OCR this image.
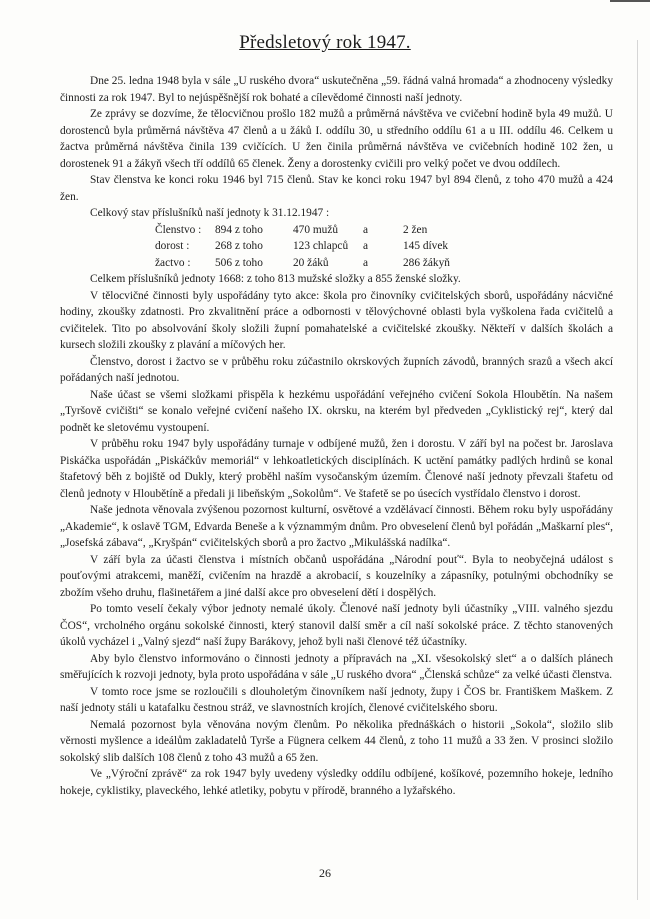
Předsletový rok 1947.

Dne 25. ledna 1948 byla v sále „U ruského dvora“ uskutečněna „59. řádná valná hromada“ a zhodnoceny výsledky činnosti za rok 1947. Byl to nejúspěšnější rok bohaté a cílevědomé činnosti naší jednoty.

Ze zprávy se dozvíme, že tělocvičnou prošlo 182 mužů a průměrná návštěva ve cvičební hodině byla 49 mužů. U dorostenců byla průměrná návštěva 47 členů a u žáků I. oddílu 30, u středního oddílu 61 a u III. oddílu 46. Celkem u žactva průměrná návštěva činila 139 cvičících. U žen činila průměrná návštěva ve cvičebních hodině 102 žen, u dorostenek 91 a žákyň všech tří oddílů 65 členek. Ženy a dorostenky cvičili pro velký počet ve dvou oddílech.

Stav členstva ke konci roku 1946 byl 715 členů. Stav ke konci roku 1947 byl 894 členů, z toho 470 mužů a 424 žen.

Celkový stav příslušníků naší jednoty k 31.12.1947 :

Členstvo :	894 z toho	470 mužů	a	2 žen
dorost :	268 z toho	123 chlapců	a	145 dívek
žactvo :	506 z toho	20 žáků	a	286 žákyň

Celkem příslušníků jednoty 1668: z toho 813 mužské složky a 855 ženské složky.

V tělocvičné činnosti byly uspořádány tyto akce: škola pro činovníky cvičitelských sborů, uspořádány nácvičné hodiny, zkoušky zdatnosti. Pro zkvalitnění práce a odbornosti v tělovýchovné oblasti byla vyškolena řada cvičitelů a cvičitelek. Tito po absolvování školy složili župní pomahatelské a cvičitelské zkoušky. Někteří v dalších školách a kursech složili zkoušky z plavání a míčových her.

Členstvo, dorost i žactvo se v průběhu roku zúčastnilo okrskových župních závodů, branných srazů a všech akcí pořádaných naší jednotou.

Naše účast se všemi složkami přispěla k hezkému uspořádání veřejného cvičení Sokola Hloubětín. Na našem „Tyršově cvičišti“ se konalo veřejné cvičení našeho IX. okrsku, na kterém byl předveden „Cyklistický rej“, který dal podnět ke sletovému vystoupení.

V průběhu roku 1947 byly uspořádány turnaje v odbíjené mužů, žen i dorostu. V září byl na počest br. Jaroslava Piskáčka uspořádán „Piskáčkův memoriál“ v lehkoatletických disciplínách. K uctění památky padlých hrdinů se konal štafetový běh z bojiště od Dukly, který proběhl naším vysočanským územím. Členové naší jednoty převzali štafetu od členů jednoty v Hloubětíně a předali ji libeňským „Sokolům“. Ve štafetě se po úsecích vystřídalo členstvo i dorost.

Naše jednota věnovala zvýšenou pozornost kulturní, osvětové a vzdělávací činnosti. Během roku byly uspořádány „Akademie“, k oslavě TGM, Edvarda Beneše a k význammým dnům. Pro obveselení členů byl pořádán „Maškarní ples“, „Josefská zábava“, „Kryšpán“ cvičitelských sborů a pro žactvo „Mikulášská nadílka“.

V září byla za účasti členstva i místních občanů uspořádána „Národní pouť“. Byla to neobyčejná událost s pouťovými atrakcemi, maněží, cvičením na hrazdě a akrobacií, s kouzelníky a zápasníky, potulnými obchodníky se zbožím všeho druhu, flašinetářem a jiné další akce pro obveselení dětí i dospělých.

Po tomto veselí čekaly výbor jednoty nemalé úkoly. Členové naší jednoty byli účastníky „VIII. valného sjezdu ČOS“, vrcholného orgánu sokolské činnosti, který stanovil další směr a cíl naší sokolské práce. Z těchto stanovených úkolů vycházel i „Valný sjezd“ naší župy Barákovy, jehož byli naši členové též účastníky.

Aby bylo členstvo informováno o činnosti jednoty a přípravách na „XI. všesokolský slet“ a o dalších plánech směřujících k rozvoji jednoty, byla proto uspořádána v sále „U ruského dvora“ „Členská schůze“ za velké účasti členstva.

V tomto roce jsme se rozloučili s dlouholetým činovníkem naší jednoty, župy i ČOS br. Františkem Maškem. Z naší jednoty stáli u katafalku čestnou stráž, ve slavnostních krojích, členové cvičitelského sboru.

Nemalá pozornost byla věnována novým členům. Po několika přednáškách o historii „Sokola“, složilo slib věrnosti myšlence a ideálům zakladatelů Tyrše a Fügnera celkem 44 členů, z toho 11 mužů a 33 žen. V prosinci složilo sokolský slib dalších 108 členů z toho 43 mužů a 65 žen.

Ve „Výroční zprávě“ za rok 1947 byly uvedeny výsledky oddílu odbíjené, košíkové, pozemního hokeje, ledního hokeje, cyklistiky, plaveckého, lehké atletiky, pobytu v přírodě, branného a lyžařského.

26
